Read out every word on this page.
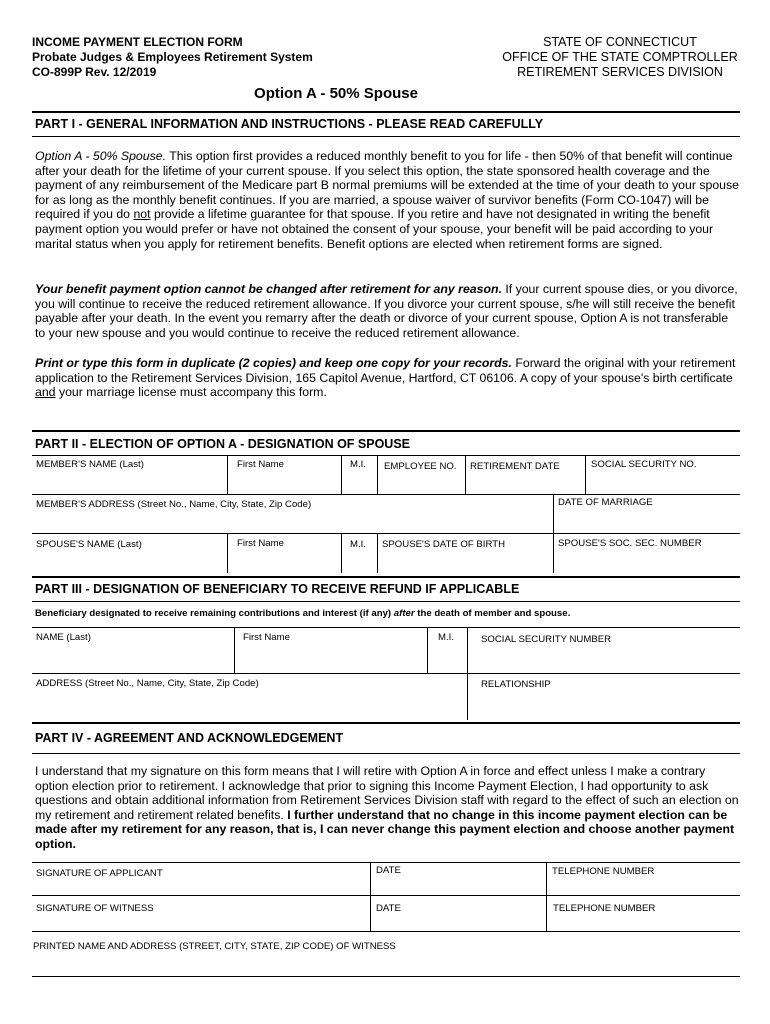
INCOME PAYMENT ELECTION FORM
Probate Judges & Employees Retirement System
CO-899P Rev. 12/2019
STATE OF CONNECTICUT
OFFICE OF THE STATE COMPTROLLER
RETIREMENT SERVICES DIVISION
Option A - 50% Spouse
PART I - GENERAL INFORMATION AND INSTRUCTIONS - PLEASE READ CAREFULLY
Option A - 50% Spouse. This option first provides a reduced monthly benefit to you for life - then 50% of that benefit will continue after your death for the lifetime of your current spouse. If you select this option, the state sponsored health coverage and the payment of any reimbursement of the Medicare part B normal premiums will be extended at the time of your death to your spouse for as long as the monthly benefit continues. If you are married, a spouse waiver of survivor benefits (Form CO-1047) will be required if you do not provide a lifetime guarantee for that spouse. If you retire and have not designated in writing the benefit payment option you would prefer or have not obtained the consent of your spouse, your benefit will be paid according to your marital status when you apply for retirement benefits. Benefit options are elected when retirement forms are signed.
Your benefit payment option cannot be changed after retirement for any reason. If your current spouse dies, or you divorce, you will continue to receive the reduced retirement allowance. If you divorce your current spouse, s/he will still receive the benefit payable after your death. In the event you remarry after the death or divorce of your current spouse, Option A is not transferable to your new spouse and you would continue to receive the reduced retirement allowance.
Print or type this form in duplicate (2 copies) and keep one copy for your records. Forward the original with your retirement application to the Retirement Services Division, 165 Capitol Avenue, Hartford, CT 06106. A copy of your spouse's birth certificate and your marriage license must accompany this form.
PART II - ELECTION OF OPTION A - DESIGNATION OF SPOUSE
MEMBER'S NAME (Last)	First Name	M.I. EMPLOYEE NO. RETIREMENT DATE	SOCIAL SECURITY NO.
MEMBER'S ADDRESS (Street No., Name, City, State, Zip Code)	DATE OF MARRIAGE
SPOUSE'S NAME (Last)	First Name	M.I. SPOUSE'S DATE OF BIRTH	SPOUSE'S SOC. SEC. NUMBER
PART III - DESIGNATION OF BENEFICIARY TO RECEIVE REFUND IF APPLICABLE
Beneficiary designated to receive remaining contributions and interest (if any) after the death of member and spouse.
NAME (Last)	First Name	M.I.	SOCIAL SECURITY NUMBER
ADDRESS (Street No., Name, City, State, Zip Code)	RELATIONSHIP
PART IV - AGREEMENT AND ACKNOWLEDGEMENT
I understand that my signature on this form means that I will retire with Option A in force and effect unless I make a contrary option election prior to retirement. I acknowledge that prior to signing this Income Payment Election, I had opportunity to ask questions and obtain additional information from Retirement Services Division staff with regard to the effect of such an election on my retirement and retirement related benefits. I further understand that no change in this income payment election can be made after my retirement for any reason, that is, I can never change this payment election and choose another payment option.
SIGNATURE OF APPLICANT	DATE	TELEPHONE NUMBER
SIGNATURE OF WITNESS	DATE	TELEPHONE NUMBER
PRINTED NAME AND ADDRESS (STREET, CITY, STATE, ZIP CODE) OF WITNESS
